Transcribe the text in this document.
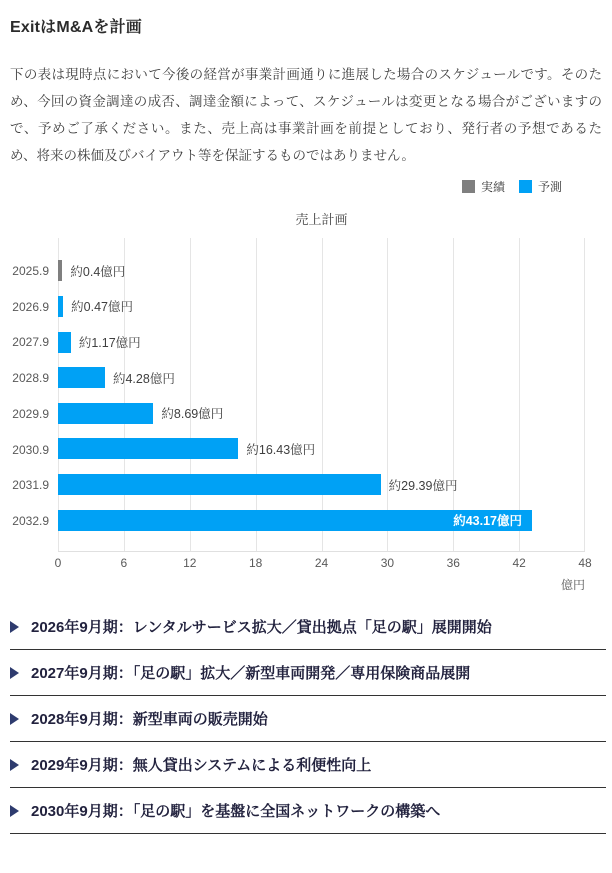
ExitはM&Aを計画

下の表は現時点において今後の経営が事業計画通りに進展した場合のスケジュールです。そのため、今回の資金調達の成否、調達金額によって、スケジュールは変更となる場合がございますので、予めご了承ください。また、売上高は事業計画を前提としており、発行者の予想であるため、将来の株価及びバイアウト等を保証するものではありません。

実績	予測
売上計画
2025.9
2026.9
2027.9
2028.9
2029.9
2030.9
2031.9
2032.9
約0.4億円
約0.47億円
約1.17億円
約4.28億円
約8.69億円
約16.43億円
約29.39億円
約43.17億円
0	6	12	18	24	30	36	42	48
億円
2026年9月期：レンタルサービス拡大／貸出拠点「足の駅」展開開始
2027年9月期：「足の駅」拡大／新型車両開発／専用保険商品展開
2028年9月期：新型車両の販売開始
2029年9月期：無人貸出システムによる利便性向上
2030年9月期：「足の駅」を基盤に全国ネットワークの構築へ
